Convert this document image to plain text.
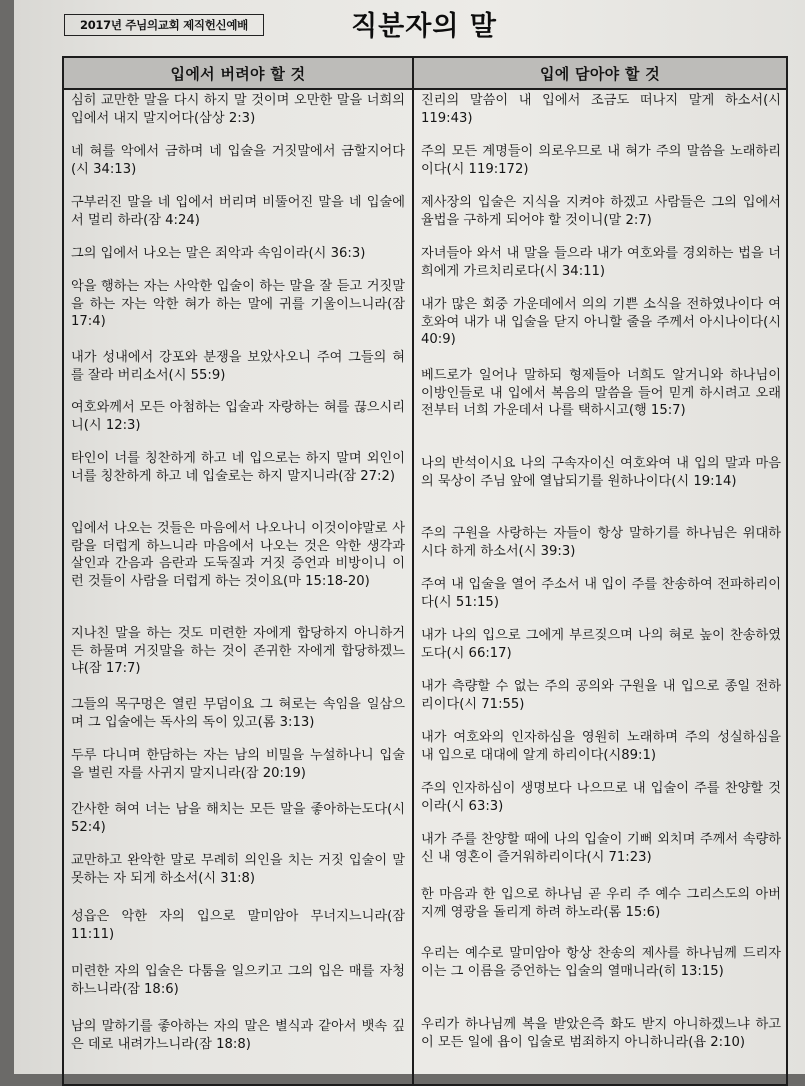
2017년 주님의교회 제직헌신예배	직분자의 말
입에서 버려야 할 것	입에 담아야 할 것
심히 교만한 말을 다시 하지 말 것이며 오만한 말을 너희의 입에서 내지 말지어다(삼상 2:3)
네 혀를 악에서 금하며 네 입술을 거짓말에서 금할지어다(시 34:13)
구부러진 말을 네 입에서 버리며 비뚤어진 말을 네 입술에서 멀리 하라(잠 4:24)
그의 입에서 나오는 말은 죄악과 속임이라(시 36:3)
악을 행하는 자는 사악한 입술이 하는 말을 잘 듣고 거짓말을 하는 자는 악한 혀가 하는 말에 귀를 기울이느니라(잠 17:4)
내가 성내에서 강포와 분쟁을 보았사오니 주여 그들의 혀를 잘라 버리소서(시 55:9)
여호와께서 모든 아첨하는 입술과 자랑하는 혀를 끊으시리니(시 12:3)
타인이 너를 칭찬하게 하고 네 입으로는 하지 말며 외인이 너를 칭찬하게 하고 네 입술로는 하지 말지니라(잠 27:2)
입에서 나오는 것들은 마음에서 나오나니 이것이야말로 사람을 더럽게 하느니라 마음에서 나오는 것은 악한 생각과 살인과 간음과 음란과 도둑질과 거짓 증언과 비방이니 이런 것들이 사람을 더럽게 하는 것이요(마 15:18-20)
지나친 말을 하는 것도 미련한 자에게 합당하지 아니하거든 하물며 거짓말을 하는 것이 존귀한 자에게 합당하겠느냐(잠 17:7)
그들의 목구멍은 열린 무덤이요 그 혀로는 속임을 일삼으며 그 입술에는 독사의 독이 있고(롬 3:13)
두루 다니며 한담하는 자는 남의 비밀을 누설하나니 입술을 벌린 자를 사귀지 말지니라(잠 20:19)
간사한 혀여 너는 남을 해치는 모든 말을 좋아하는도다(시 52:4)
교만하고 완악한 말로 무례히 의인을 치는 거짓 입술이 말 못하는 자 되게 하소서(시 31:8)
성읍은 악한 자의 입으로 말미암아 무너지느니라(잠 11:11)
미련한 자의 입술은 다툼을 일으키고 그의 입은 매를 자청하느니라(잠 18:6)
남의 말하기를 좋아하는 자의 말은 별식과 같아서 뱃속 깊은 데로 내려가느니라(잠 18:8)
진리의 말씀이 내 입에서 조금도 떠나지 말게 하소서(시 119:43)
주의 모든 계명들이 의로우므로 내 혀가 주의 말씀을 노래하리이다(시 119:172)
제사장의 입술은 지식을 지켜야 하겠고 사람들은 그의 입에서 율법을 구하게 되어야 할 것이니(말 2:7)
자녀들아 와서 내 말을 들으라 내가 여호와를 경외하는 법을 너희에게 가르치리로다(시 34:11)
내가 많은 회중 가운데에서 의의 기쁜 소식을 전하였나이다 여호와여 내가 내 입술을 닫지 아니할 줄을 주께서 아시나이다(시 40:9)
베드로가 일어나 말하되 형제들아 너희도 알거니와 하나님이 이방인들로 내 입에서 복음의 말씀을 들어 믿게 하시려고 오래 전부터 너희 가운데서 나를 택하시고(행 15:7)
나의 반석이시요 나의 구속자이신 여호와여 내 입의 말과 마음의 묵상이 주님 앞에 열납되기를 원하나이다(시 19:14)
주의 구원을 사랑하는 자들이 항상 말하기를 하나님은 위대하시다 하게 하소서(시 39:3)
주여 내 입술을 열어 주소서 내 입이 주를 찬송하여 전파하리이다(시 51:15)
내가 나의 입으로 그에게 부르짖으며 나의 혀로 높이 찬송하였도다(시 66:17)
내가 측량할 수 없는 주의 공의와 구원을 내 입으로 종일 전하리이다(시 71:55)
내가 여호와의 인자하심을 영원히 노래하며 주의 성실하심을 내 입으로 대대에 알게 하리이다(시89:1)
주의 인자하심이 생명보다 나으므로 내 입술이 주를 찬양할 것이라(시 63:3)
내가 주를 찬양할 때에 나의 입술이 기뻐 외치며 주께서 속량하신 내 영혼이 즐거워하리이다(시 71:23)
한 마음과 한 입으로 하나님 곧 우리 주 예수 그리스도의 아버지께 영광을 돌리게 하려 하노라(롬 15:6)
우리는 예수로 말미암아 항상 찬송의 제사를 하나님께 드리자 이는 그 이름을 증언하는 입술의 열매니라(히 13:15)
우리가 하나님께 복을 받았은즉 화도 받지 아니하겠느냐 하고 이 모든 일에 욥이 입술로 범죄하지 아니하니라(욥 2:10)
